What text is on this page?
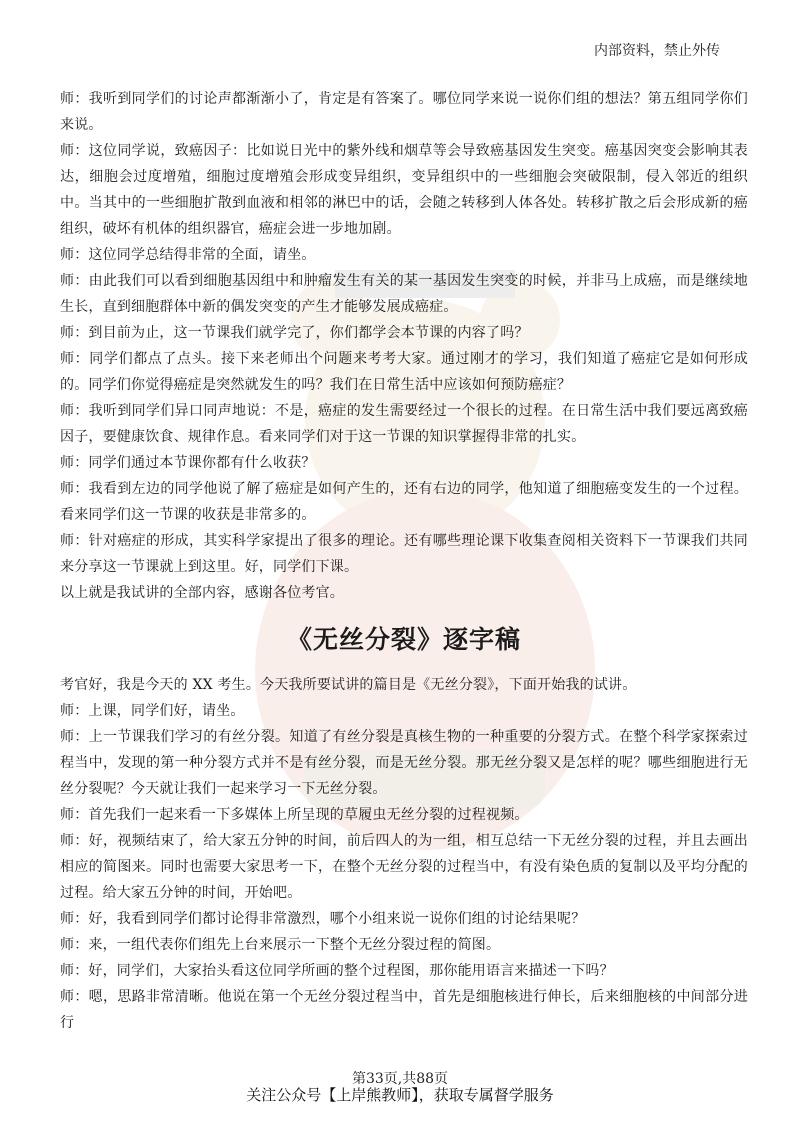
内部资料，禁止外传

师：我听到同学们的讨论声都渐渐小了，肯定是有答案了。哪位同学来说一说你们组的想法？第五组同学你们来说。

师：这位同学说，致癌因子：比如说日光中的紫外线和烟草等会导致癌基因发生突变。癌基因突变会影响其表达，细胞会过度增殖，细胞过度增殖会形成变异组织，变异组织中的一些细胞会突破限制，侵入邻近的组织中。当其中的一些细胞扩散到血液和相邻的淋巴中的话，会随之转移到人体各处。转移扩散之后会形成新的癌组织，破坏有机体的组织器官，癌症会进一步地加剧。

师：这位同学总结得非常的全面，请坐。

师：由此我们可以看到细胞基因组中和肿瘤发生有关的某一基因发生突变的时候，并非马上成癌，而是继续地生长，直到细胞群体中新的偶发突变的产生才能够发展成癌症。

师：到目前为止，这一节课我们就学完了，你们都学会本节课的内容了吗？

师：同学们都点了点头。接下来老师出个问题来考考大家。通过刚才的学习，我们知道了癌症它是如何形成的。同学们你觉得癌症是突然就发生的吗？我们在日常生活中应该如何预防癌症？

师：我听到同学们异口同声地说：不是，癌症的发生需要经过一个很长的过程。在日常生活中我们要远离致癌因子，要健康饮食、规律作息。看来同学们对于这一节课的知识掌握得非常的扎实。

师：同学们通过本节课你都有什么收获？

师：我看到左边的同学他说了解了癌症是如何产生的，还有右边的同学，他知道了细胞癌变发生的一个过程。看来同学们这一节课的收获是非常多的。

师：针对癌症的形成，其实科学家提出了很多的理论。还有哪些理论课下收集查阅相关资料下一节课我们共同来分享这一节课就上到这里。好，同学们下课。

以上就是我试讲的全部内容，感谢各位考官。

《无丝分裂》逐字稿

考官好，我是今天的 XX 考生。今天我所要试讲的篇目是《无丝分裂》，下面开始我的试讲。

师：上课，同学们好，请坐。

师：上一节课我们学习的有丝分裂。知道了有丝分裂是真核生物的一种重要的分裂方式。在整个科学家探索过程当中，发现的第一种分裂方式并不是有丝分裂，而是无丝分裂。那无丝分裂又是怎样的呢？哪些细胞进行无丝分裂呢？今天就让我们一起来学习一下无丝分裂。

师：首先我们一起来看一下多媒体上所呈现的草履虫无丝分裂的过程视频。

师：好，视频结束了，给大家五分钟的时间，前后四人的为一组，相互总结一下无丝分裂的过程，并且去画出相应的简图来。同时也需要大家思考一下，在整个无丝分裂的过程当中，有没有染色质的复制以及平均分配的过程。给大家五分钟的时间，开始吧。

师：好，我看到同学们都讨论得非常激烈，哪个小组来说一说你们组的讨论结果呢？

师：来，一组代表你们组先上台来展示一下整个无丝分裂过程的简图。

师：好，同学们，大家抬头看这位同学所画的整个过程图，那你能用语言来描述一下吗？

师：嗯，思路非常清晰。他说在第一个无丝分裂过程当中，首先是细胞核进行伸长，后来细胞核的中间部分进行

第33页,共88页
关注公众号【上岸熊教师】，获取专属督学服务
